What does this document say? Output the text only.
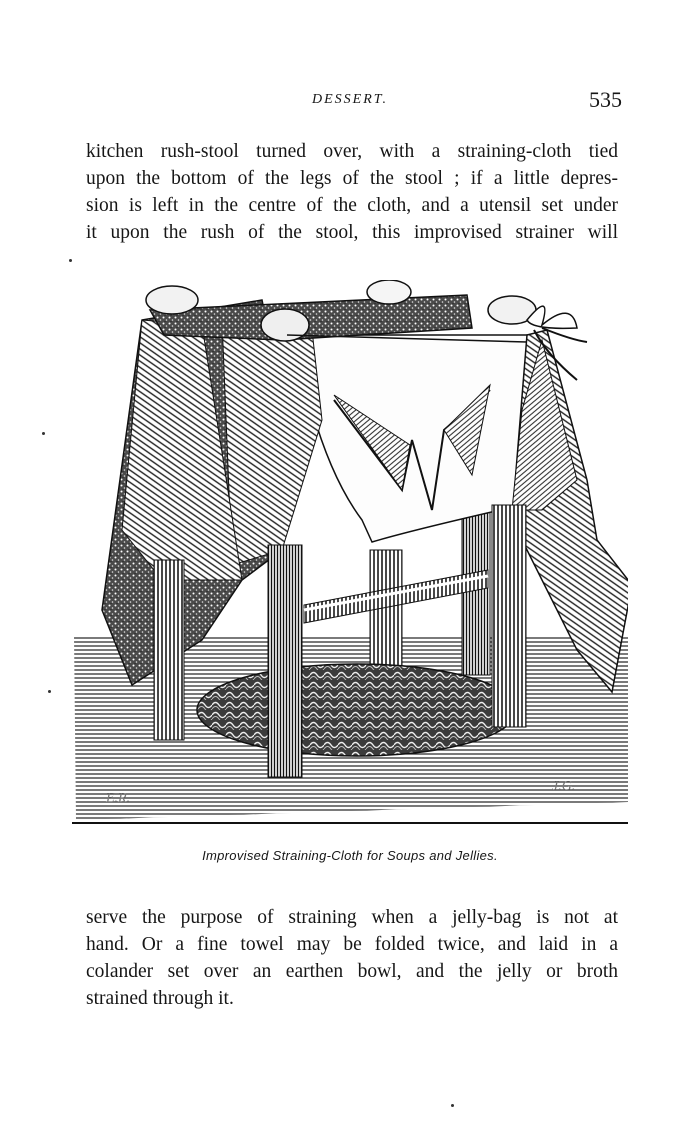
DESSERT.	535
kitchen rush-stool turned over, with a straining-cloth tied
upon the bottom of the legs of the stool ; if a little depres-
sion is left in the centre of the cloth, and a utensil set under
it upon the rush of the stool, this improvised strainer will
E.R.
J.G.
Improvised Straining-Cloth for Soups and Jellies.
serve the purpose of straining when a jelly-bag is not at
hand. Or a fine towel may be folded twice, and laid in a
colander set over an earthen bowl, and the jelly or broth
strained through it.
